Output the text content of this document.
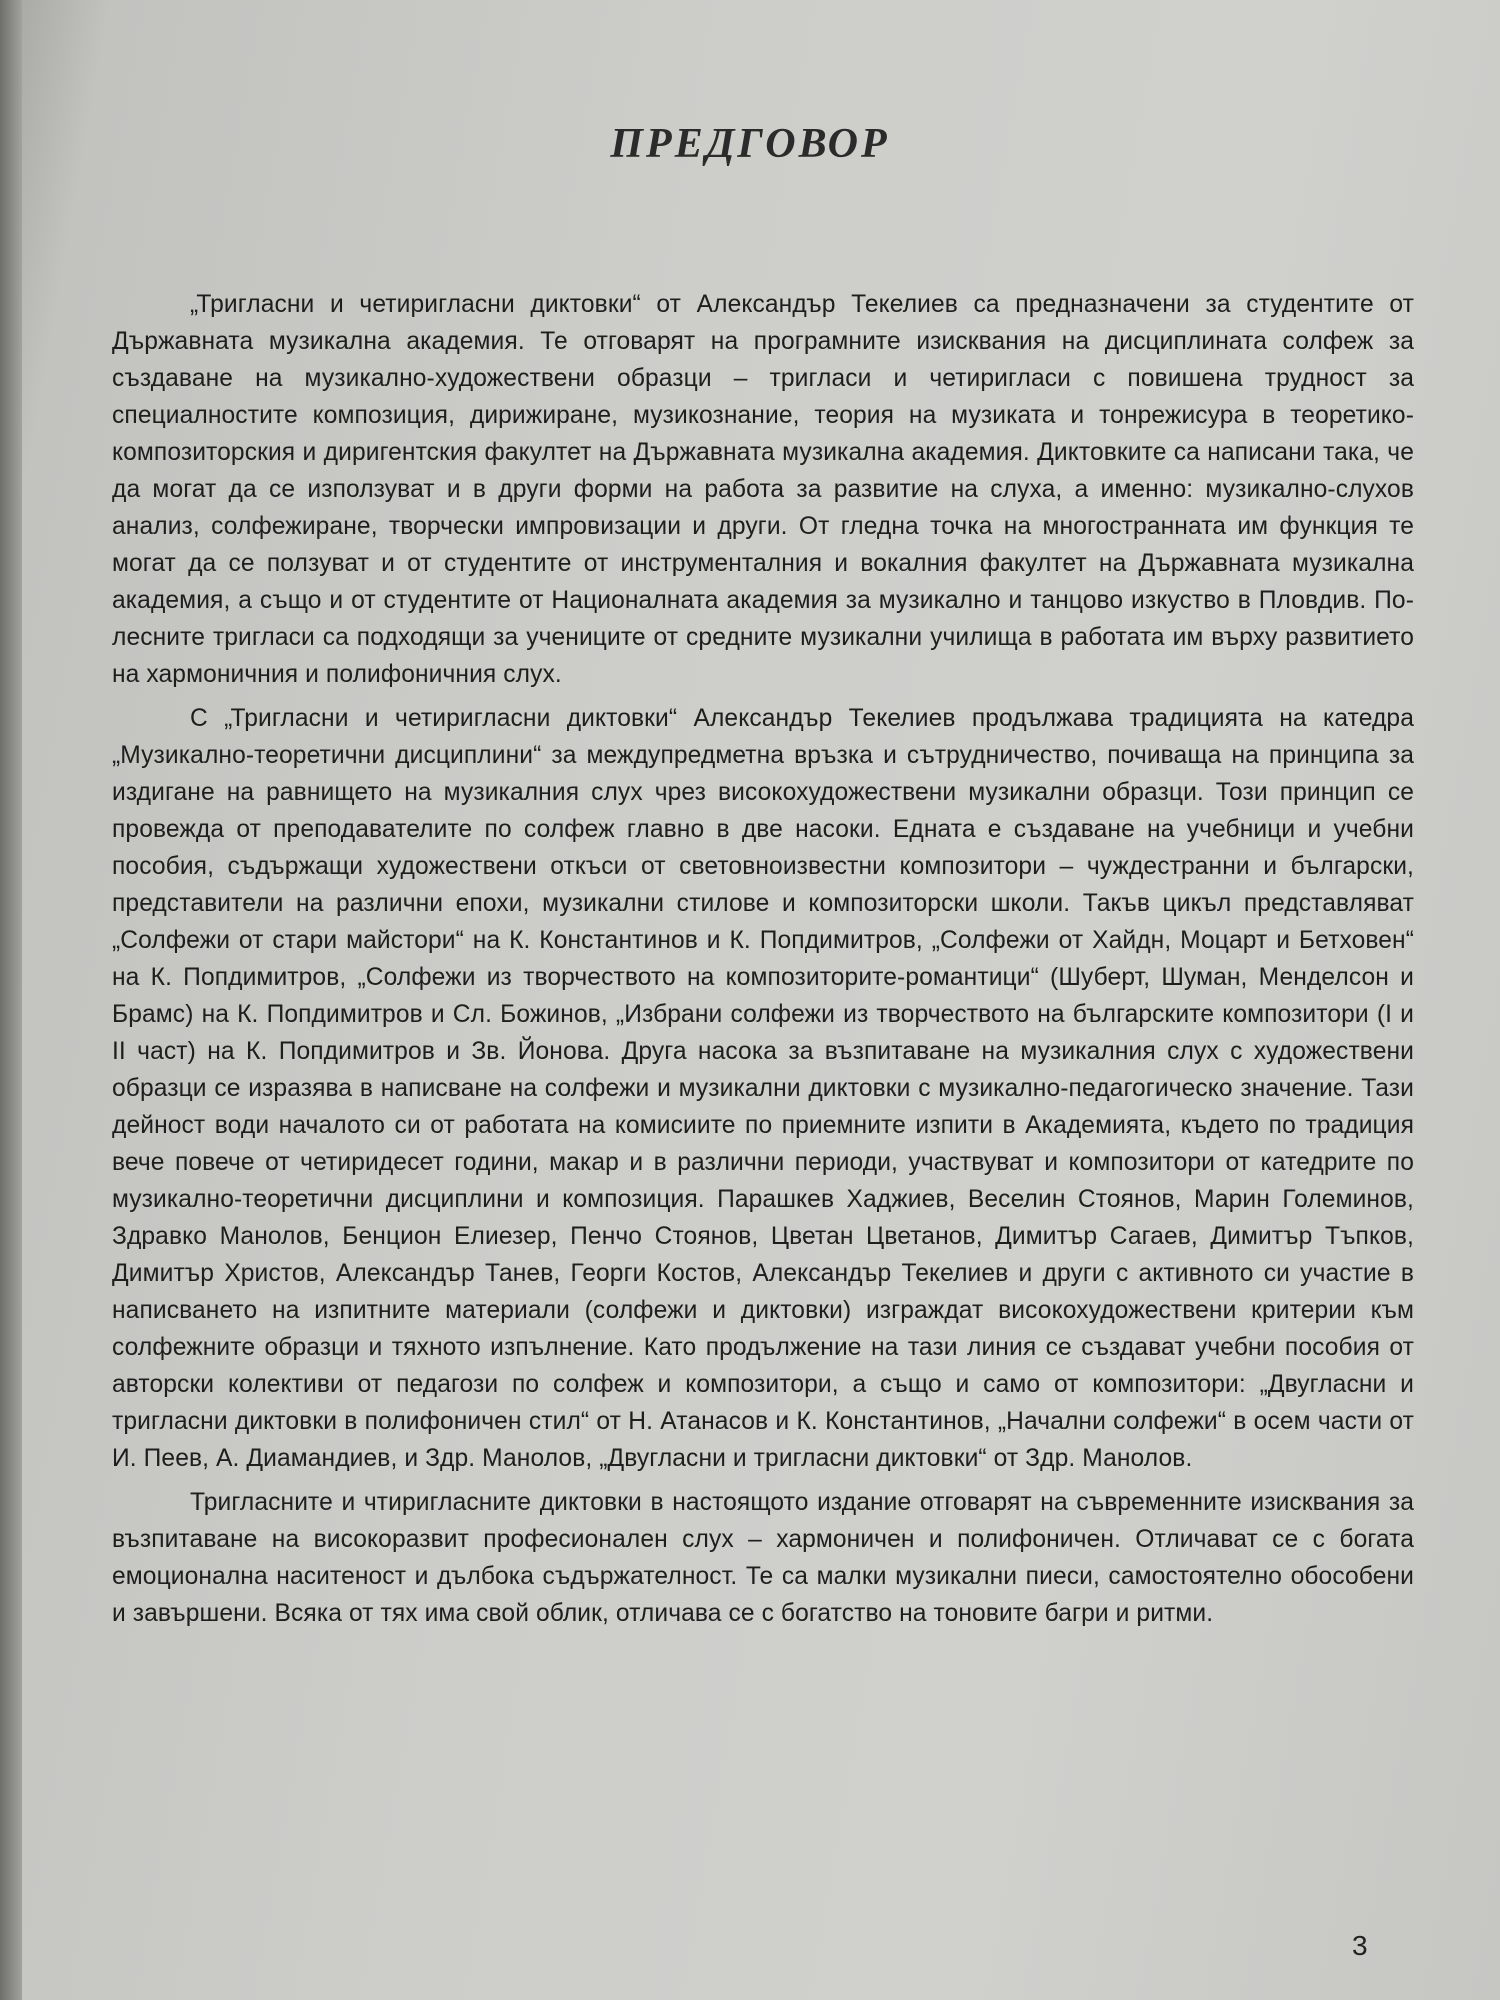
ПРЕДГОВОР

„Тригласни и четиригласни диктовки“ от Александър Текелиев са предназначени за студентите от Държавната музикална академия. Те отговарят на програмните изисквания на дисциплината солфеж за създаване на музикално-художествени образци – тригласи и четиригласи с повишена трудност за специалностите композиция, дирижиране, музикознание, теория на музиката и тонрежисура в теоретико-композиторския и диригентския факултет на Държавната музикална академия. Диктовките са написани така, че да могат да се използуват и в други форми на работа за развитие на слуха, а именно: музикално-слухов анализ, солфежиране, творчески импровизации и други. От гледна точка на многостранната им функция те могат да се ползуват и от студентите от инструменталния и вокалния факултет на Държавната музикална академия, а също и от студентите от Националната академия за музикално и танцово изкуство в Пловдив. По-лесните тригласи са подходящи за учениците от средните музикални училища в работата им върху развитието на хармоничния и полифоничния слух.

С „Тригласни и четиригласни диктовки“ Александър Текелиев продължава традицията на катедра „Музикално-теоретични дисциплини“ за междупредметна връзка и сътрудничество, почиваща на принципа за издигане на равнището на музикалния слух чрез високохудожествени музикални образци. Този принцип се провежда от преподавателите по солфеж главно в две насоки. Едната е създаване на учебници и учебни пособия, съдържащи художествени откъси от световноизвестни композитори – чуждестранни и български, представители на различни епохи, музикални стилове и композиторски школи. Такъв цикъл представляват „Солфежи от стари майстори“ на К. Константинов и К. Попдимитров, „Солфежи от Хайдн, Моцарт и Бетховен“ на К. Попдимитров, „Солфежи из творчеството на композиторите-романтици“ (Шуберт, Шуман, Менделсон и Брамс) на К. Попдимитров и Сл. Божинов, „Избрани солфежи из творчеството на българските композитори (I и II част) на К. Попдимитров и Зв. Йонова. Друга насока за възпитаване на музикалния слух с художествени образци се изразява в написване на солфежи и музикални диктовки с музикално-педагогическо значение. Тази дейност води началото си от работата на комисиите по приемните изпити в Академията, където по традиция вече повече от четиридесет години, макар и в различни периоди, участвуват и композитори от катедрите по музикално-теоретични дисциплини и композиция. Парашкев Хаджиев, Веселин Стоянов, Марин Големинов, Здравко Манолов, Бенцион Елиезер, Пенчо Стоянов, Цветан Цветанов, Димитър Сагаев, Димитър Тъпков, Димитър Христов, Александър Танев, Георги Костов, Александър Текелиев и други с активното си участие в написването на изпитните материали (солфежи и диктовки) изграждат високохудожествени критерии към солфежните образци и тяхното изпълнение. Като продължение на тази линия се създават учебни пособия от авторски колективи от педагози по солфеж и композитори, а също и само от композитори: „Двугласни и тригласни диктовки в полифоничен стил“ от Н. Атанасов и К. Константинов, „Начални солфежи“ в осем части от И. Пеев, А. Диамандиев, и Здр. Манолов, „Двугласни и тригласни диктовки“ от Здр. Манолов.

Тригласните и чтиригласните диктовки в настоящото издание отговарят на съвременните изисквания за възпитаване на високоразвит професионален слух – хармоничен и полифоничен. Отличават се с богата емоционална наситеност и дълбока съдържателност. Те са малки музикални пиеси, самостоятелно обособени и завършени. Всяка от тях има свой облик, отличава се с богатство на тоновите багри и ритми.

3
